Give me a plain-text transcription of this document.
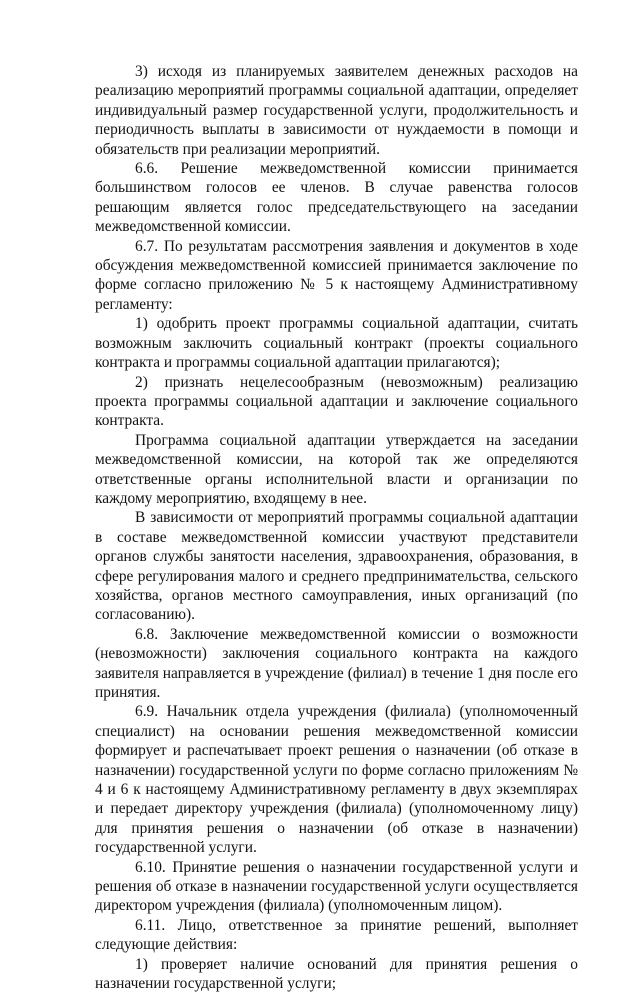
3) исходя из планируемых заявителем денежных расходов на реализацию мероприятий программы социальной адаптации, определяет индивидуальный размер государственной услуги, продолжительность и периодичность выплаты в зависимости от нуждаемости в помощи и обязательств при реализации мероприятий.

6.6. Решение межведомственной комиссии принимается большинством голосов ее членов. В случае равенства голосов решающим является голос председательствующего на заседании межведомственной комиссии.

6.7. По результатам рассмотрения заявления и документов в ходе обсуждения межведомственной комиссией принимается заключение по форме согласно приложению № 5 к настоящему Административному регламенту:

1) одобрить проект программы социальной адаптации, считать возможным заключить социальный контракт (проекты социального контракта и программы социальной адаптации прилагаются);

2) признать нецелесообразным (невозможным) реализацию проекта программы социальной адаптации и заключение социального контракта.

Программа социальной адаптации утверждается на заседании межведомственной комиссии, на которой так же определяются ответственные органы исполнительной власти и организации по каждому мероприятию, входящему в нее.

В зависимости от мероприятий программы социальной адаптации в составе межведомственной комиссии участвуют представители органов службы занятости населения, здравоохранения, образования, в сфере регулирования малого и среднего предпринимательства, сельского хозяйства, органов местного самоуправления, иных организаций (по согласованию).

6.8. Заключение межведомственной комиссии о возможности (невозможности) заключения социального контракта на каждого заявителя направляется в учреждение (филиал) в течение 1 дня после его принятия.

6.9. Начальник отдела учреждения (филиала) (уполномоченный специалист) на основании решения межведомственной комиссии формирует и распечатывает проект решения о назначении (об отказе в назначении) государственной услуги по форме согласно приложениям № 4 и 6 к настоящему Административному регламенту в двух экземплярах и передает директору учреждения (филиала) (уполномоченному лицу) для принятия решения о назначении (об отказе в назначении) государственной услуги.

6.10. Принятие решения о назначении государственной услуги и решения об отказе в назначении государственной услуги осуществляется директором учреждения (филиала) (уполномоченным лицом).

6.11. Лицо, ответственное за принятие решений, выполняет следующие действия:

1) проверяет наличие оснований для принятия решения о назначении государственной услуги;
